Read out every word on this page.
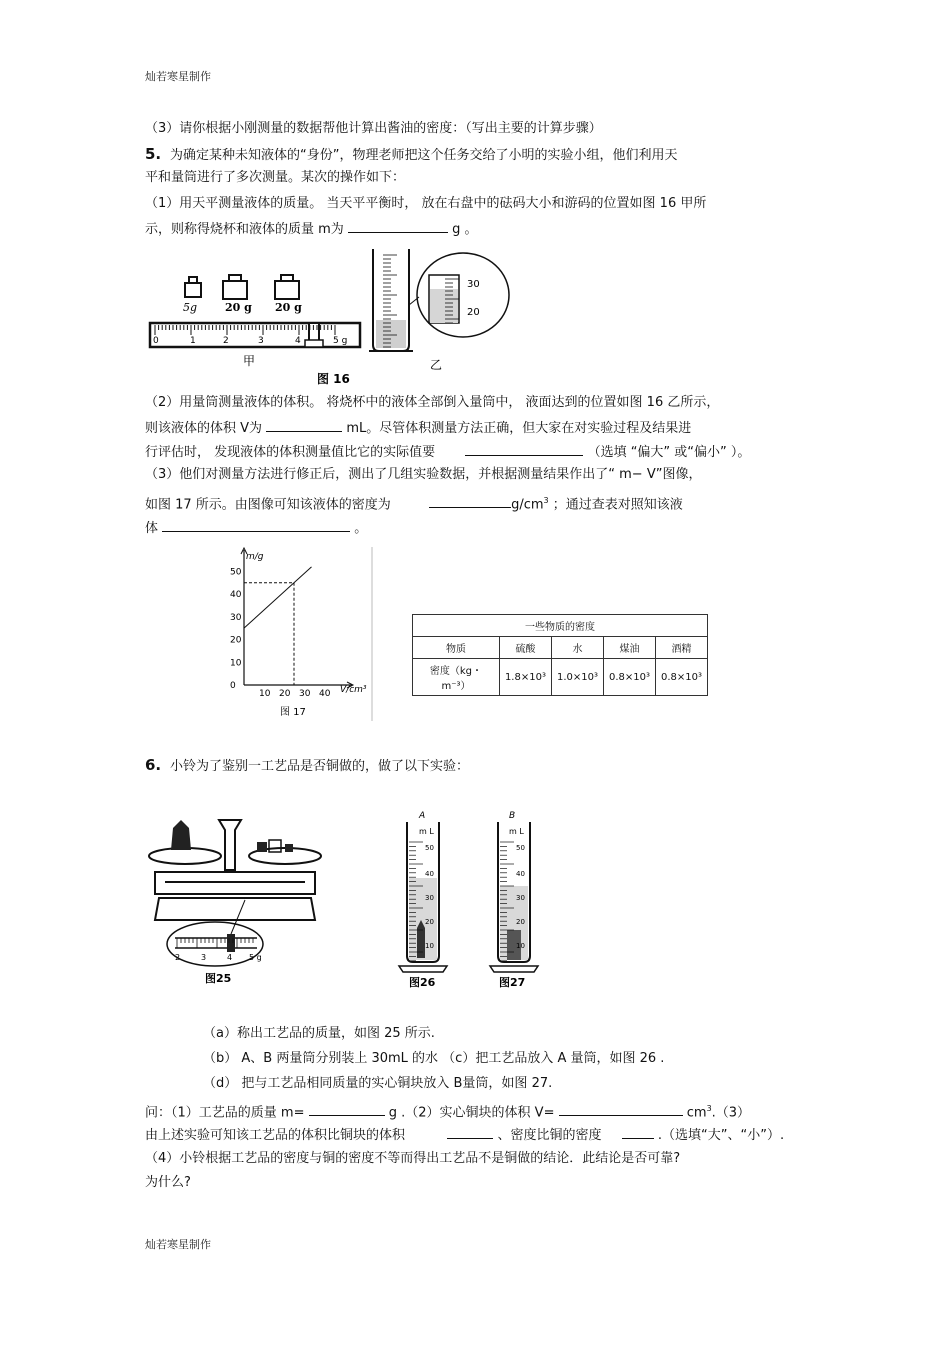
灿若寒星制作
（3）请你根据小刚测量的数据帮他计算出酱油的密度：（写出主要的计算步骤）
5. 为确定某种未知液体的“身份”，物理老师把这个任务交给了小明的实验小组，他们利用天
平和量筒进行了多次测量。某次的操作如下：
（1）用天平测量液体的质量。 当天平平衡时， 放在右盘中的砝码大小和游码的位置如图 16 甲所
示，则称得烧杯和液体的质量 m为	g 。
5g	20 g 20 g
0	1	2	3	4	5 g
甲
图 16
30
20
乙
（2）用量筒测量液体的体积。 将烧杯中的液体全部倒入量筒中， 液面达到的位置如图 16 乙所示，
则该液体的体积 V为	mL。尽管体积测量方法正确，但大家在对实验过程及结果进
行评估时， 发现液体的体积测量值比它的实际值要	（选填 “偏大” 或“偏小” ）。
（3）他们对测量方法进行修正后，测出了几组实验数据，并根据测量结果作出了“ m− V”图像，
如图 17 所示。由图像可知该液体的密度为	$g/cm^3$ ；通过查表对照知该液
体	。
0
10
20
30
40
50
10 20 30 40
m/g
V/cm³
图 17
一些物质的密度				
物质	硫酸	水	煤油	酒精
密度（kg・m⁻³）	1.8×10³	1.0×10³	0.8×10³	0.8×10³
6. 小铃为了鉴别一工艺品是否铜做的，做了以下实验：
2	3	4 5 g
图25
A	B
m L	m L
50
40
30
20
10
50
40
30
20
10
图26	图27
（a）称出工艺品的质量，如图 25 所示.
（b） A、B 两量筒分别装上 30mL 的水 （c）把工艺品放入 A 量筒，如图 26 .
（d） 把与工艺品相同质量的实心铜块放入 B量筒，如图 27.
问：（1）工艺品的质量 m=	g .（2）实心铜块的体积 V=	$cm^3.(3)$
由上述实验可知该工艺品的体积比铜块的体积	、密度比铜的密度	.（选填“大”、“小”）.
（4）小铃根据工艺品的密度与铜的密度不等而得出工艺品不是铜做的结论．此结论是否可靠?
为什么?
灿若寒星制作
